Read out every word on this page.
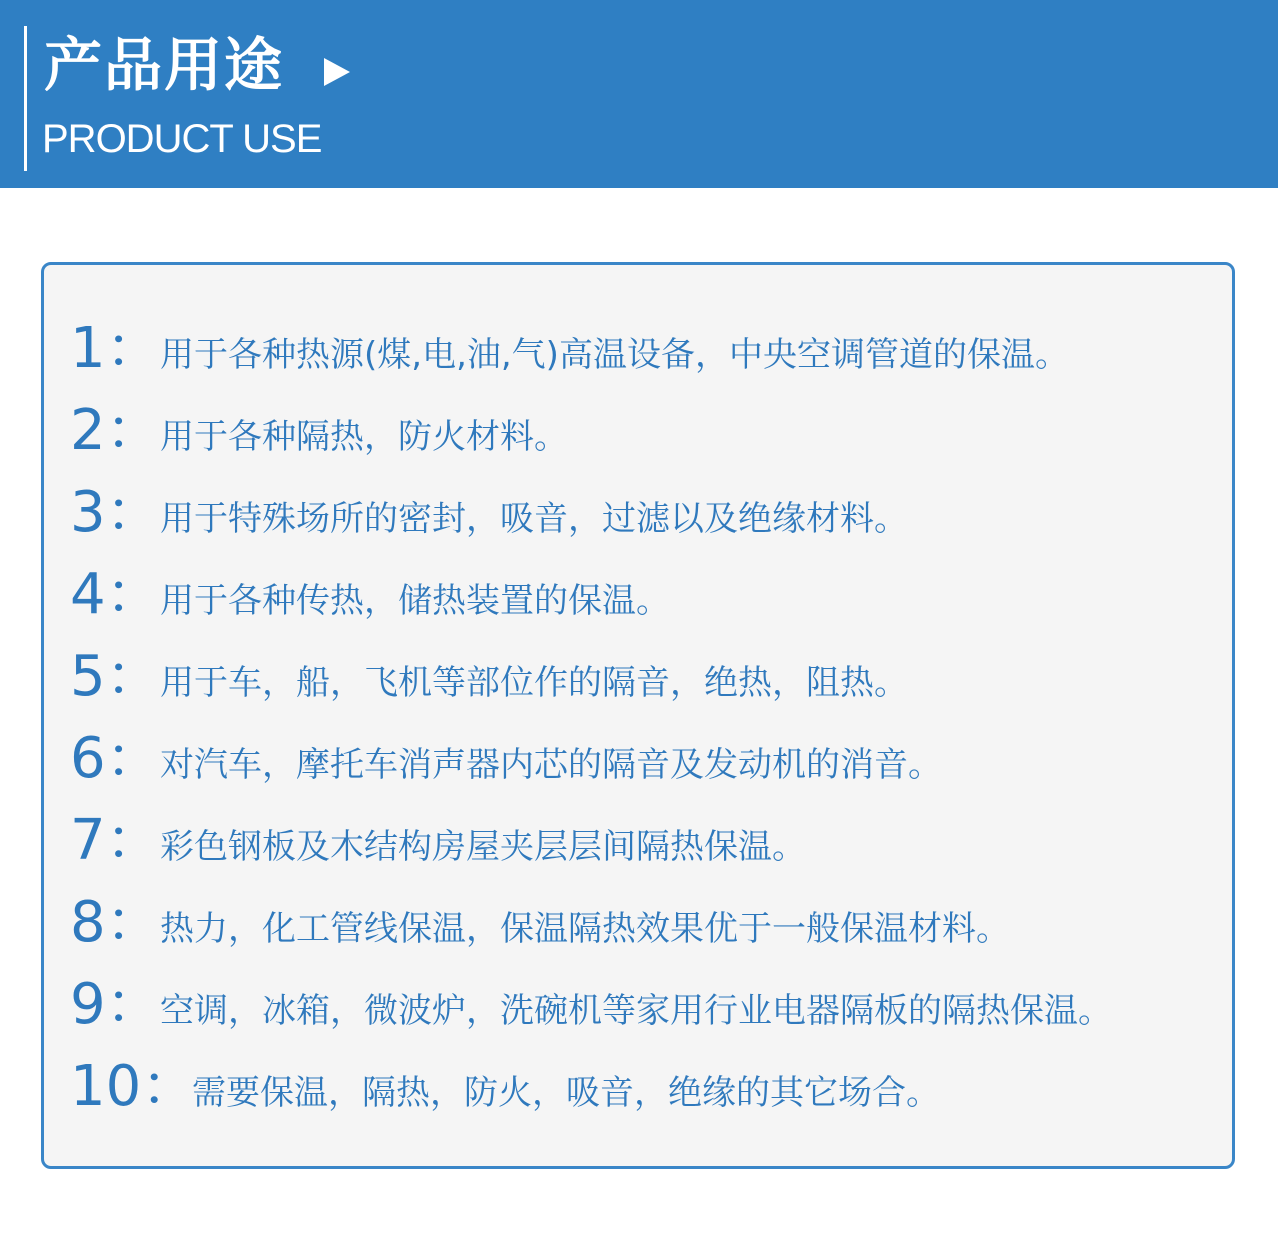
产品用途
PRODUCT USE
1：
用于各种热源(煤,电,油,气)高温设备，中央空调管道的保温。
2：
用于各种隔热，防火材料。
3：
用于特殊场所的密封，吸音，过滤以及绝缘材料。
4：
用于各种传热，储热装置的保温。
5：
用于车，船，飞机等部位作的隔音，绝热，阻热。
6：
对汽车，摩托车消声器内芯的隔音及发动机的消音。
7：
彩色钢板及木结构房屋夹层层间隔热保温。
8：
热力，化工管线保温，保温隔热效果优于一般保温材料。
9：
空调，冰箱，微波炉，洗碗机等家用行业电器隔板的隔热保温。
10：
需要保温，隔热，防火，吸音，绝缘的其它场合。
